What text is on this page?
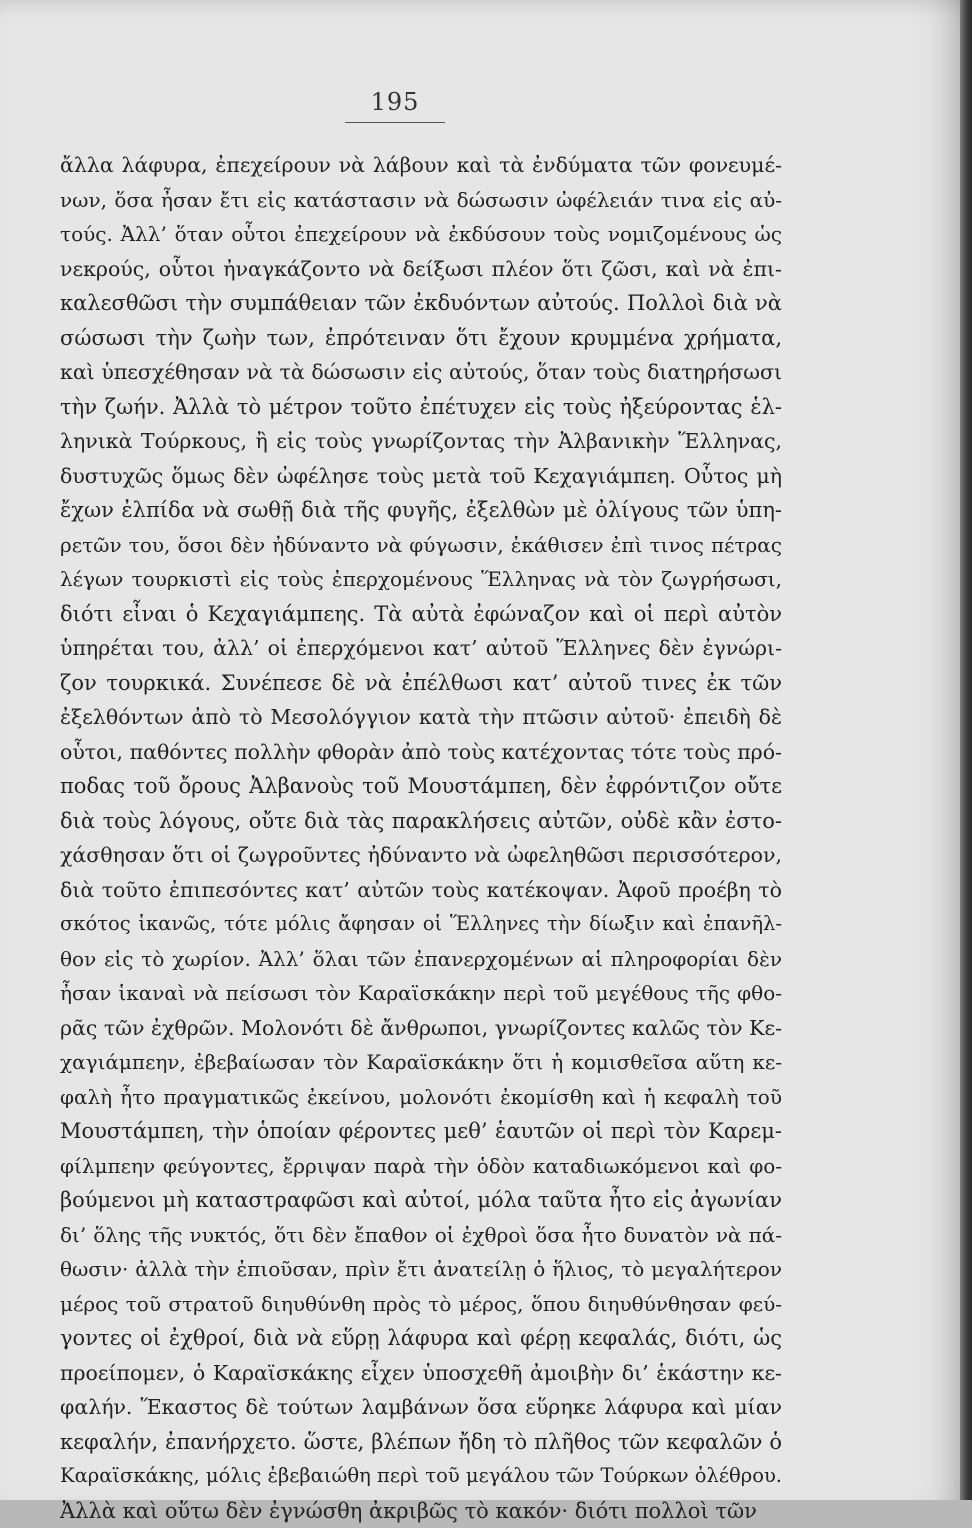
195
ἄλλα λάφυρα, ἐπεχείρουν νὰ λάβουν καὶ τὰ ἐνδύματα τῶν φονευμέ-
νων, ὅσα ἦσαν ἔτι εἰς κατάστασιν νὰ δώσωσιν ὠφέλειάν τινα εἰς αὐ-
τούς. Ἀλλ’ ὅταν οὗτοι ἐπεχείρουν νὰ ἐκδύσουν τοὺς νομιζομένους ὡς
νεκρούς, οὗτοι ἠναγκάζοντο νὰ δείξωσι πλέον ὅτι ζῶσι, καὶ νὰ ἐπι-
καλεσθῶσι τὴν συμπάθειαν τῶν ἐκδυόντων αὐτούς. Πολλοὶ διὰ νὰ
σώσωσι τὴν ζωὴν των, ἐπρότειναν ὅτι ἔχουν κρυμμένα χρήματα,
καὶ ὑπεσχέθησαν νὰ τὰ δώσωσιν εἰς αὐτούς, ὅταν τοὺς διατηρήσωσι
τὴν ζωήν. Ἀλλὰ τὸ μέτρον τοῦτο ἐπέτυχεν εἰς τοὺς ἠξεύροντας ἑλ-
ληνικὰ Τούρκους, ἢ εἰς τοὺς γνωρίζοντας τὴν Ἀλβανικὴν Ἕλληνας,
δυστυχῶς ὅμως δὲν ὠφέλησε τοὺς μετὰ τοῦ Κεχαγιάμπεη. Οὗτος μὴ
ἔχων ἐλπίδα νὰ σωθῇ διὰ τῆς φυγῆς, ἐξελθὼν μὲ ὀλίγους τῶν ὑπη-
ρετῶν του, ὅσοι δὲν ἠδύναντο νὰ φύγωσιν, ἐκάθισεν ἐπὶ τινος πέτρας
λέγων τουρκιστὶ εἰς τοὺς ἐπερχομένους Ἕλληνας νὰ τὸν ζωγρήσωσι,
διότι εἶναι ὁ Κεχαγιάμπεης. Τὰ αὐτὰ ἐφώναζον καὶ οἱ περὶ αὐτὸν
ὑπηρέται του, ἀλλ’ οἱ ἐπερχόμενοι κατ’ αὐτοῦ Ἕλληνες δὲν ἐγνώρι-
ζον τουρκικά. Συνέπεσε δὲ νὰ ἐπέλθωσι κατ’ αὐτοῦ τινες ἐκ τῶν
ἐξελθόντων ἀπὸ τὸ Μεσολόγγιον κατὰ τὴν πτῶσιν αὐτοῦ· ἐπειδὴ δὲ
οὗτοι, παθόντες πολλὴν φθορὰν ἀπὸ τοὺς κατέχοντας τότε τοὺς πρό-
ποδας τοῦ ὄρους Ἀλβανοὺς τοῦ Μουστάμπεη, δὲν ἐφρόντιζον οὔτε
διὰ τοὺς λόγους, οὔτε διὰ τὰς παρακλήσεις αὐτῶν, οὐδὲ κἂν ἐστο-
χάσθησαν ὅτι οἱ ζωγροῦντες ἠδύναντο νὰ ὠφεληθῶσι περισσότερον,
διὰ τοῦτο ἐπιπεσόντες κατ’ αὐτῶν τοὺς κατέκοψαν. Ἀφοῦ προέβη τὸ
σκότος ἱκανῶς, τότε μόλις ἄφησαν οἱ Ἕλληνες τὴν δίωξιν καὶ ἐπανῆλ-
θον εἰς τὸ χωρίον. Ἀλλ’ ὅλαι τῶν ἐπανερχομένων αἱ πληροφορίαι δὲν
ἦσαν ἱκαναὶ νὰ πείσωσι τὸν Καραϊσκάκην περὶ τοῦ μεγέθους τῆς φθο-
ρᾶς τῶν ἐχθρῶν. Μολονότι δὲ ἄνθρωποι, γνωρίζοντες καλῶς τὸν Κε-
χαγιάμπεην, ἐβεβαίωσαν τὸν Καραϊσκάκην ὅτι ἡ κομισθεῖσα αὕτη κε-
φαλὴ ἦτο πραγματικῶς ἐκείνου, μολονότι ἐκομίσθη καὶ ἡ κεφαλὴ τοῦ
Μουστάμπεη, τὴν ὁποίαν φέροντες μεθ’ ἑαυτῶν οἱ περὶ τὸν Καρεμ-
φίλμπεην φεύγοντες, ἔρριψαν παρὰ τὴν ὁδὸν καταδιωκόμενοι καὶ φο-
βούμενοι μὴ καταστραφῶσι καὶ αὐτοί, μόλα ταῦτα ἦτο εἰς ἀγωνίαν
δι’ ὅλης τῆς νυκτός, ὅτι δὲν ἔπαθον οἱ ἐχθροὶ ὅσα ἦτο δυνατὸν νὰ πά-
θωσιν· ἀλλὰ τὴν ἐπιοῦσαν, πρὶν ἔτι ἀνατείλῃ ὁ ἥλιος, τὸ μεγαλήτερον
μέρος τοῦ στρατοῦ διηυθύνθη πρὸς τὸ μέρος, ὅπου διηυθύνθησαν φεύ-
γοντες οἱ ἐχθροί, διὰ νὰ εὕρῃ λάφυρα καὶ φέρῃ κεφαλάς, διότι, ὡς
προείπομεν, ὁ Καραϊσκάκης εἶχεν ὑποσχεθῆ ἀμοιβὴν δι’ ἑκάστην κε-
φαλήν. Ἕκαστος δὲ τούτων λαμβάνων ὅσα εὕρηκε λάφυρα καὶ μίαν
κεφαλήν, ἐπανήρχετο. ὥστε, βλέπων ἤδη τὸ πλῆθος τῶν κεφαλῶν ὁ
Καραϊσκάκης, μόλις ἐβεβαιώθη περὶ τοῦ μεγάλου τῶν Τούρκων ὀλέθρου.
Ἀλλὰ καὶ οὕτω δὲν ἐγνώσθη ἀκριβῶς τὸ κακόν· διότι πολλοὶ τῶν
